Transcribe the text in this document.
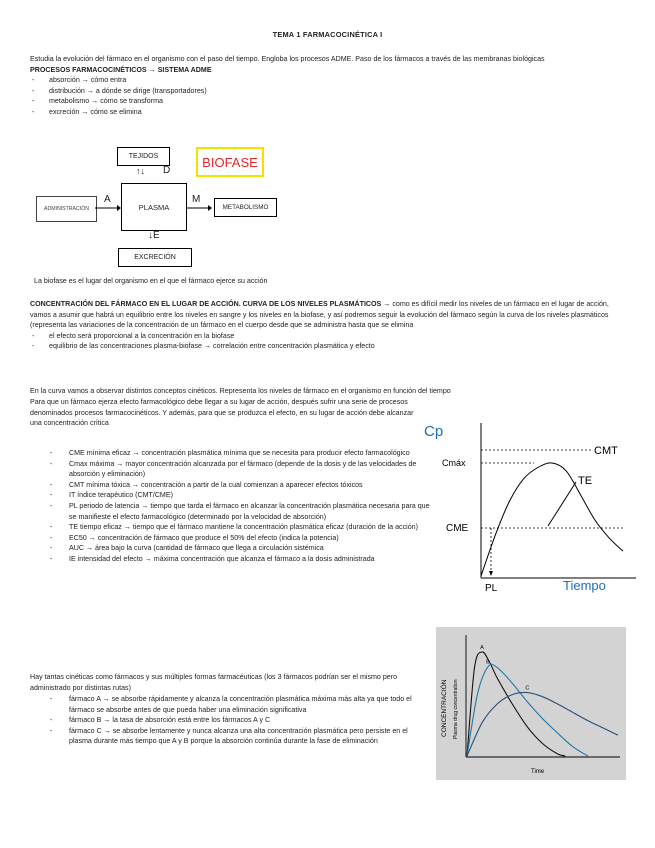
TEMA 1 FARMACOCINÉTICA I

Estudia la evolución del fármaco en el organismo con el paso del tiempo. Engloba los procesos ADME. Paso de los fármacos a través de las membranas biológicas

PROCESOS FARMACOCINÉTICOS → SISTEMA ADME

- absorción → cómo entra
- distribución → a dónde se dirige (transportadores)
- metabolismo → cómo se transforma
- excreción → cómo se elimina
TEJIDOS
↑↓ D
BIOFASE
ADMINISTRACIÓN
A
PLASMA
M
METABOLISMO
↓E
EXCRECIÓN

La biofase es el lugar del organismo en el que el fármaco ejerce su acción

CONCENTRACIÓN DEL FÁRMACO EN EL LUGAR DE ACCIÓN. CURVA DE LOS NIVELES PLASMÁTICOS → como es difícil medir los niveles de un fármaco en el lugar de acción, vamos a asumir que habrá un equilibrio entre los niveles en sangre y los niveles en la biofase, y así podremos seguir la evolución del fármaco según la curva de los niveles plasmáticos (representa las variaciones de la concentración de un fármaco en el cuerpo desde que se administra hasta que se elimina

- el efecto será proporcional a la concentración en la biofase
- equilibrio de las concentraciones plasma-biofase → correlación entre concentración plasmática y efecto

En la curva vamos a observar distintos conceptos cinéticos. Representa los niveles de fármaco en el organismo en función del tiempo

Para que un fármaco ejerza efecto farmacológico debe llegar a su lugar de acción, después sufrir una serie de procesos denominados procesos farmacocinéticos. Y además, para que se produzca el efecto, en su lugar de acción debe alcanzar una concentración crítica

- CME mínima eficaz → concentración plasmática mínima que se necesita para producir efecto farmacológico
- Cmax máxima → mayor concentración alcanzada por el fármaco (depende de la dosis y de las velocidades de absorción y eliminación)
- CMT mínima tóxica → concentración a partir de la cual comienzan a aparecer efectos tóxicos
- IT índice terapéutico (CMT/CME)
- PL periodo de latencia → tiempo que tarda el fármaco en alcanzar la concentración plasmática necesaria para que se manifieste el efecto farmacológico (determinado por la velocidad de absorción)
- TE tiempo eficaz → tiempo que el fármaco mantiene la concentración plasmática eficaz (duración de la acción)
- EC50 → concentración de fármaco que produce el 50% del efecto (indica la potencia)
- AUC → área bajo la curva (cantidad de fármaco que llega a circulación sistémica
- IE intensidad del efecto → máxima concentración que alcanza el fármaco a la dosis administrada
Cp
CMT
Cmáx
CME
TE
PL	Tiempo
CONCENTRACIÓN Plasma drug concentration
Time
A
B
C

Hay tantas cinéticas como fármacos y sus múltiples formas farmacéuticas (los 3 fármacos podrían ser el mismo pero administrado por distintas rutas)

- fármaco A → se absorbe rápidamente y alcanza la concentración plasmática máxima más alta ya que todo el fármaco se absorbe antes de que pueda haber una eliminación significativa
- fármaco B → la tasa de absorción está entre los fármacos A y C
- fármaco C → se absorbe lentamente y nunca alcanza una alta concentración plasmática pero persiste en el plasma durante más tiempo que A y B porque la absorción continúa durante la fase de eliminación
